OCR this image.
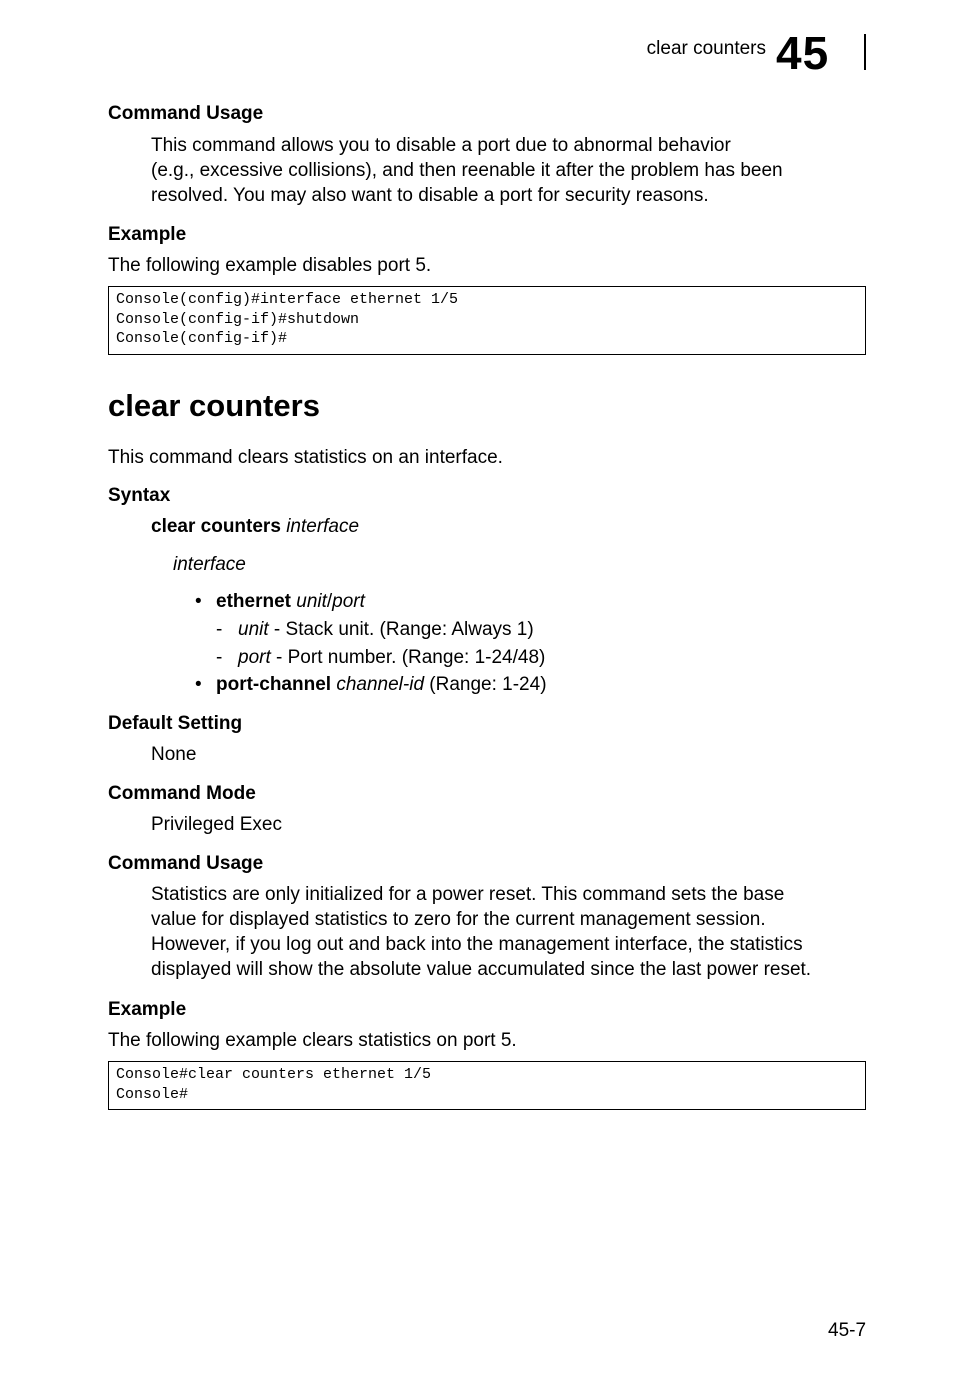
clear counters 45
Command Usage
This command allows you to disable a port due to abnormal behavior
(e.g., excessive collisions), and then reenable it after the problem has been
resolved. You may also want to disable a port for security reasons.
Example
The following example disables port 5.
Console(config)#interface ethernet 1/5
Console(config-if)#shutdown
Console(config-if)#
clear counters
This command clears statistics on an interface.
Syntax
clear counters interface
interface
• ethernet unit/port
- unit - Stack unit. (Range: Always 1)
- port - Port number. (Range: 1-24/48)
• port-channel channel-id (Range: 1-24)
Default Setting
None
Command Mode
Privileged Exec
Command Usage
Statistics are only initialized for a power reset. This command sets the base
value for displayed statistics to zero for the current management session.
However, if you log out and back into the management interface, the statistics
displayed will show the absolute value accumulated since the last power reset.
Example
The following example clears statistics on port 5.
Console#clear counters ethernet 1/5
Console#
45-7
